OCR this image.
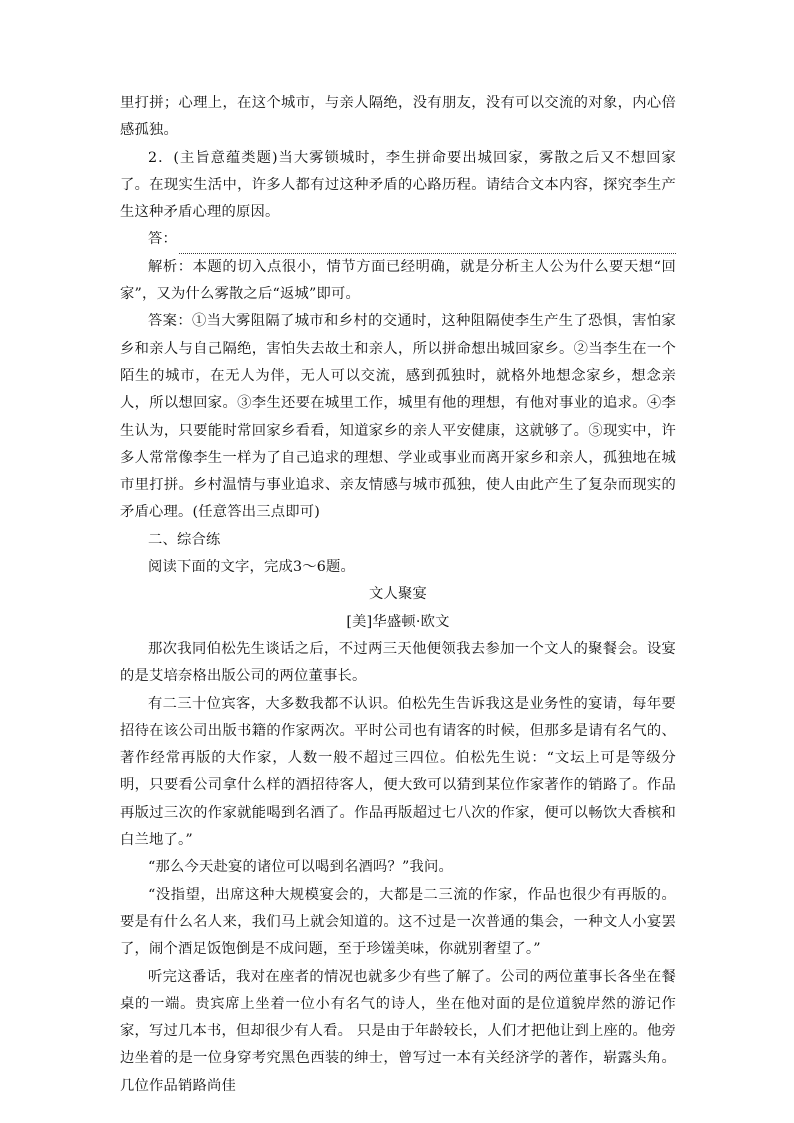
里打拼；心理上，在这个城市，与亲人隔绝，没有朋友，没有可以交流的对象，内心倍感孤独。

2．(主旨意蕴类题)当大雾锁城时，李生拼命要出城回家，雾散之后又不想回家了。在现实生活中，许多人都有过这种矛盾的心路历程。请结合文本内容，探究李生产生这种矛盾心理的原因。

答：

解析：本题的切入点很小，情节方面已经明确，就是分析主人公为什么要天想“回家”，又为什么雾散之后“返城”即可。

答案：①当大雾阻隔了城市和乡村的交通时，这种阻隔使李生产生了恐惧，害怕家乡和亲人与自己隔绝，害怕失去故土和亲人，所以拼命想出城回家乡。②当李生在一个陌生的城市，在无人为伴，无人可以交流，感到孤独时，就格外地想念家乡，想念亲人，所以想回家。③李生还要在城里工作，城里有他的理想，有他对事业的追求。④李生认为，只要能时常回家乡看看，知道家乡的亲人平安健康，这就够了。⑤现实中，许多人常常像李生一样为了自己追求的理想、学业或事业而离开家乡和亲人，孤独地在城市里打拼。乡村温情与事业追求、亲友情感与城市孤独，使人由此产生了复杂而现实的矛盾心理。(任意答出三点即可)

二、综合练

阅读下面的文字，完成3～6题。

文人聚宴

[美]华盛顿·欧文

那次我同伯松先生谈话之后，不过两三天他便领我去参加一个文人的聚餐会。设宴的是艾培奈格出版公司的两位董事长。

有二三十位宾客，大多数我都不认识。伯松先生告诉我这是业务性的宴请，每年要招待在该公司出版书籍的作家两次。平时公司也有请客的时候，但那多是请有名气的、著作经常再版的大作家，人数一般不超过三四位。伯松先生说：“文坛上可是等级分明，只要看公司拿什么样的酒招待客人，便大致可以猜到某位作家著作的销路了。作品再版过三次的作家就能喝到名酒了。作品再版超过七八次的作家，便可以畅饮大香槟和白兰地了。”

“那么今天赴宴的诸位可以喝到名酒吗？”我问。

“没指望，出席这种大规模宴会的，大都是二三流的作家，作品也很少有再版的。要是有什么名人来，我们马上就会知道的。这不过是一次普通的集会，一种文人小宴罢了，闹个酒足饭饱倒是不成问题，至于珍馐美味，你就别奢望了。”

听完这番话，我对在座者的情况也就多少有些了解了。公司的两位董事长各坐在餐桌的一端。贵宾席上坐着一位小有名气的诗人，坐在他对面的是位道貌岸然的游记作家，写过几本书，但却很少有人看。 只是由于年龄较长，人们才把他让到上座的。他旁边坐着的是一位身穿考究黑色西装的绅士，曾写过一本有关经济学的著作，崭露头角。几位作品销路尚佳
